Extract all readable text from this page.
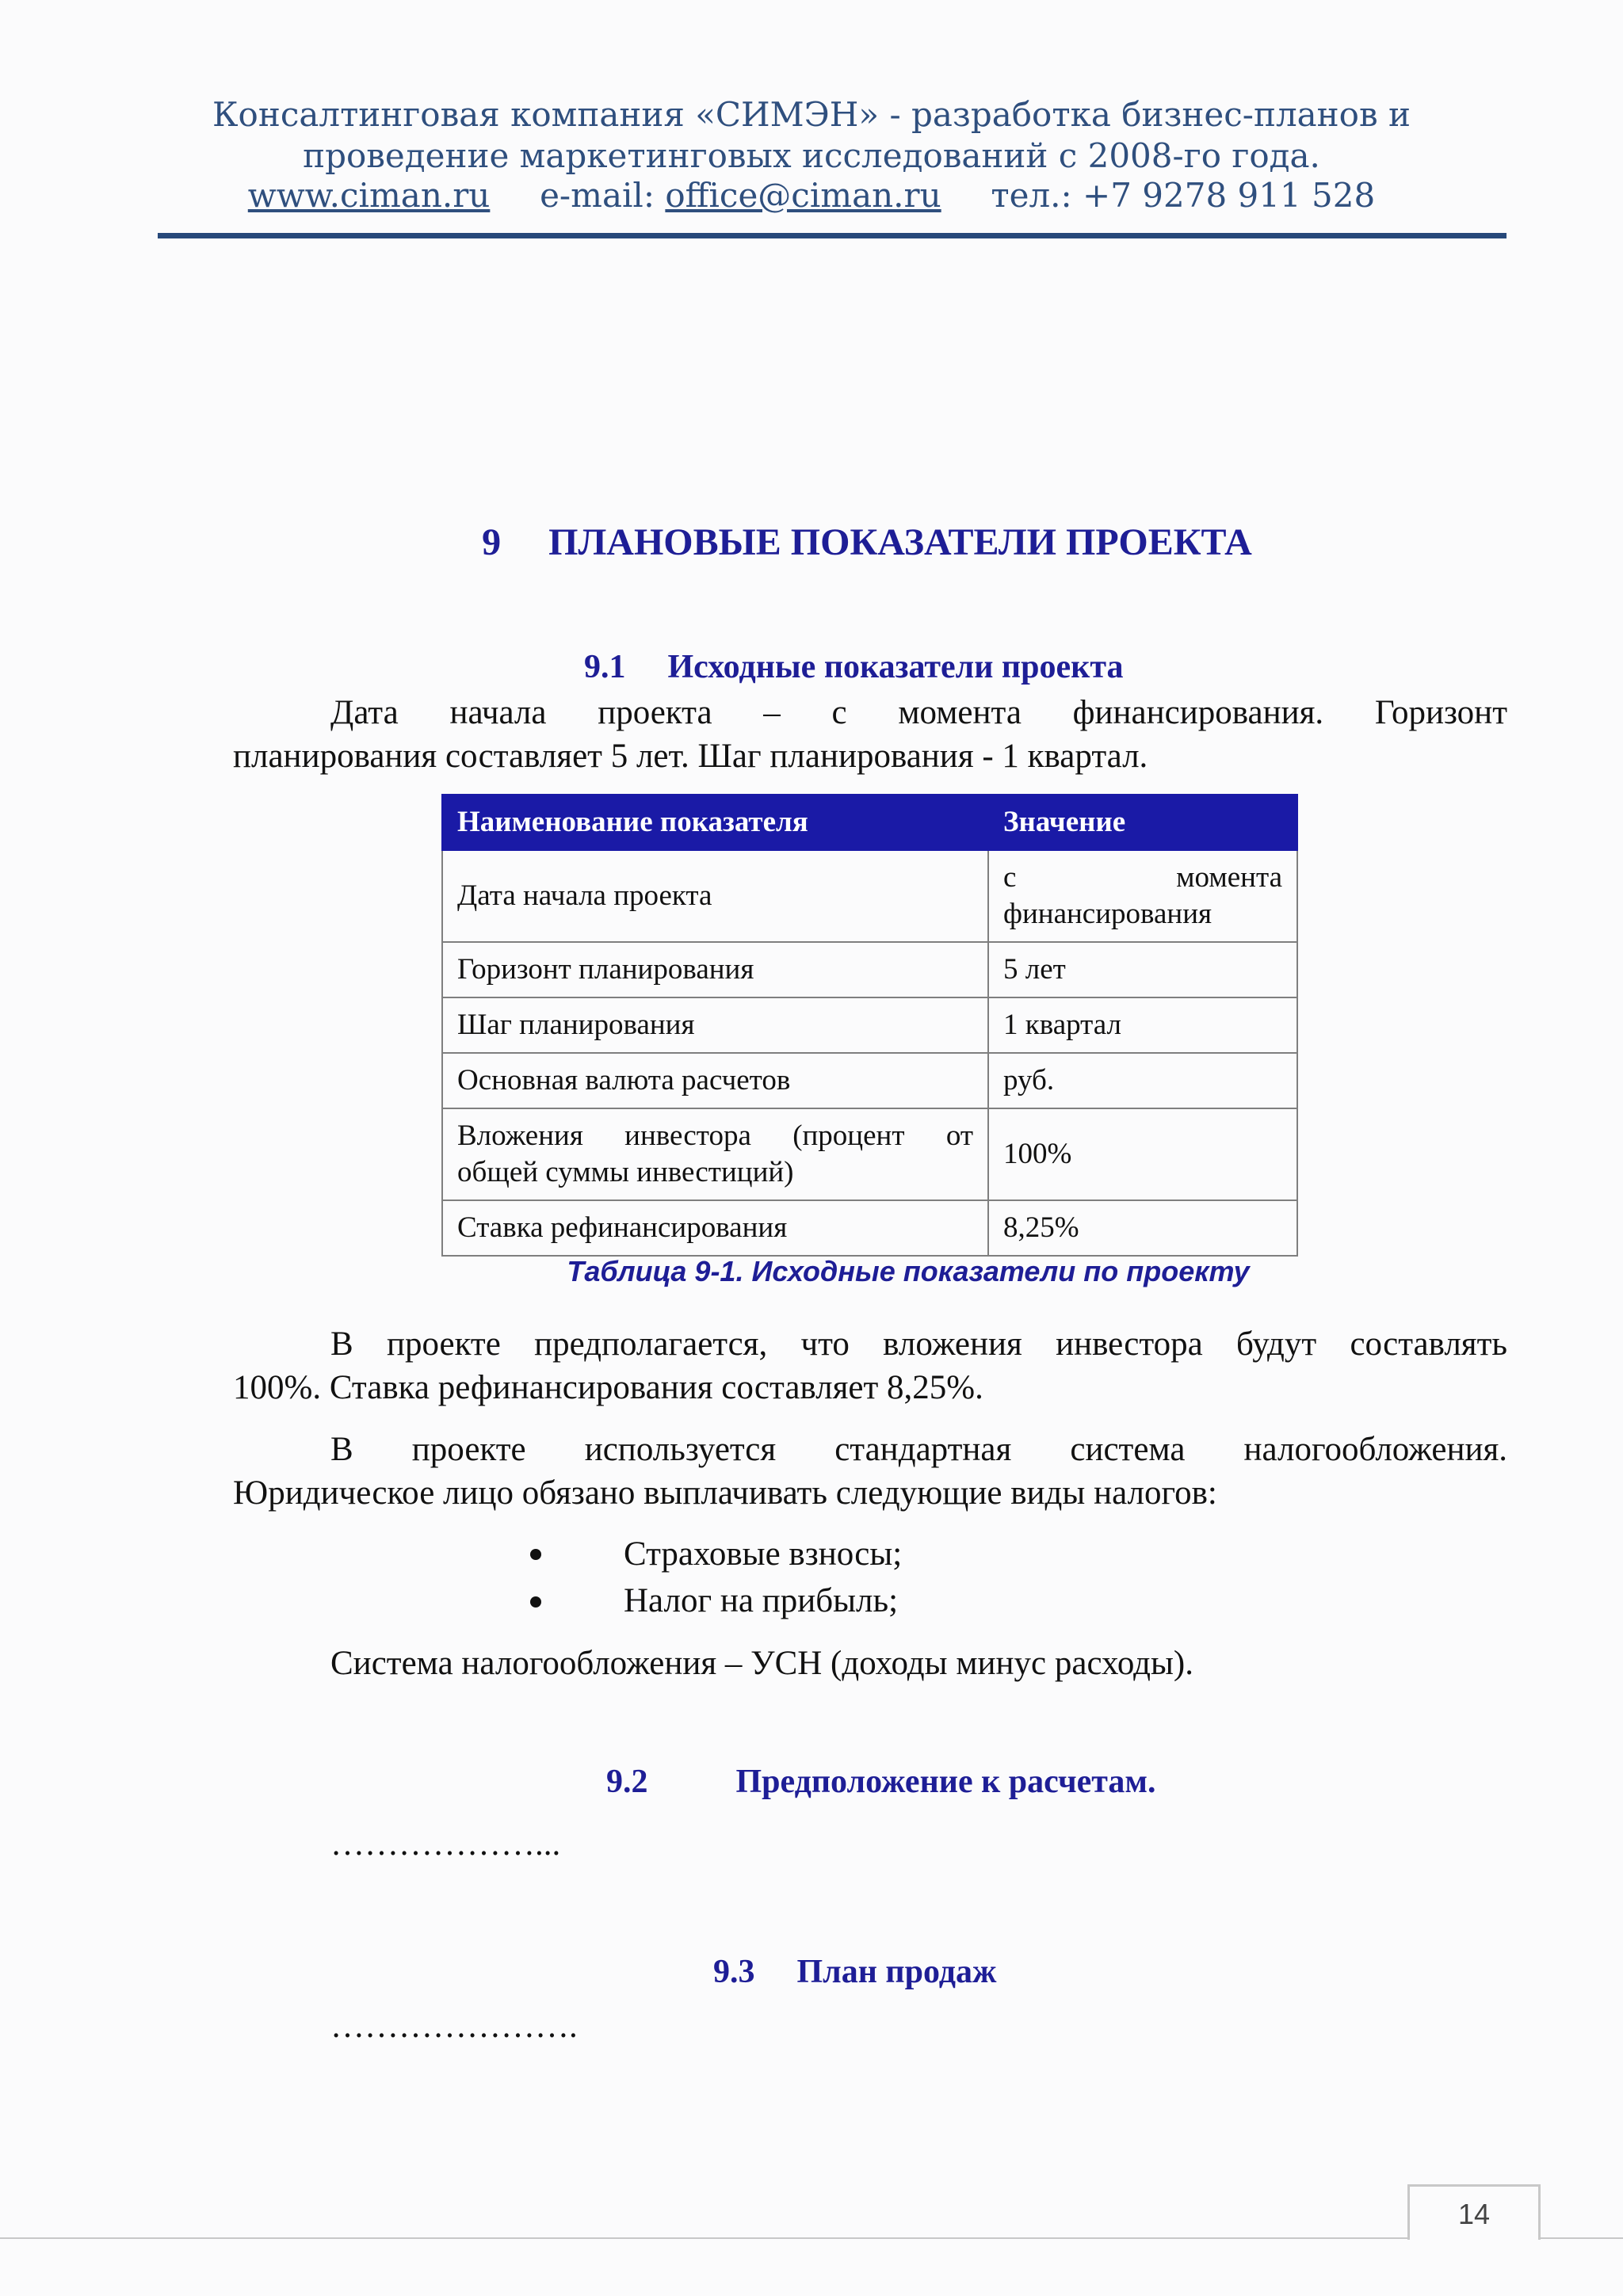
Консалтинговая компания «СИМЭН» - разработка бизнес-планов и
проведение маркетинговых исследований с 2008-го года.
www.ciman.ru e-mail: office@ciman.ru тел.: +7 9278 911 528
9 ПЛАНОВЫЕ ПОКАЗАТЕЛИ ПРОЕКТА
9.1 Исходные показатели проекта
Дата начала проекта – с момента финансирования. Горизонт
планирования составляет 5 лет. Шаг планирования - 1 квартал.
Наименование показателя	Значение
Дата начала проекта	с момента
финансирования

Горизонт планирования	5 лет
Шаг планирования	1 квартал
Основная валюта расчетов	руб.

Вложения инвестора (процент от
общей суммы инвестиций)	100%
Ставка рефинансирования	8,25%
Таблица 9-1. Исходные показатели по проекту
В проекте предполагается, что вложения инвестора будут составлять
100%. Ставка рефинансирования составляет 8,25%.
В проекте используется стандартная система налогообложения.
Юридическое лицо обязано выплачивать следующие виды налогов:
Страховые взносы;
Налог на прибыль;
Система налогообложения – УСН (доходы минус расходы).
9.2	Предположение к расчетам.
………………...
9.3 План продаж
………………….
14
